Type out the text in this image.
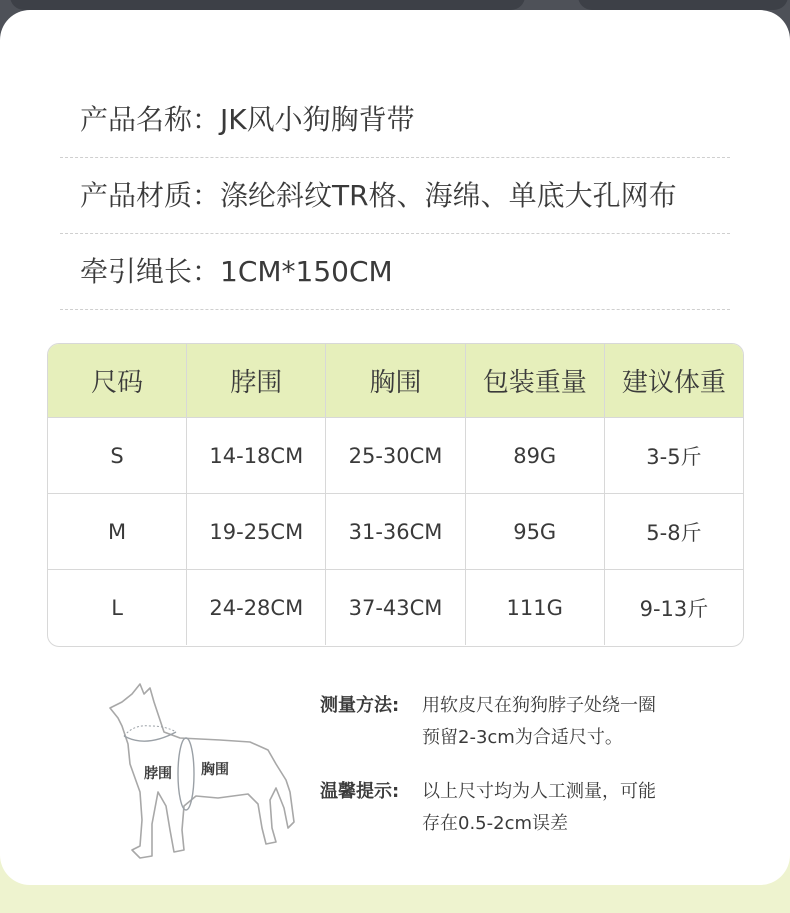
产品名称：JK风小狗胸背带
产品材质：涤纶斜纹TR格、海绵、单底大孔网布
牵引绳长：1CM*150CM
尺码	脖围	胸围	包装重量	建议体重
S	14-18CM	25-30CM	89G	3-5斤
M	19-25CM	31-36CM	95G	5-8斤
L	24-28CM	37-43CM	111G	9-13斤
脖围 胸围
测量方法: 用软皮尺在狗狗脖子处绕一圈
预留2-3cm为合适尺寸。
温馨提示: 以上尺寸均为人工测量，可能
存在0.5-2cm误差
